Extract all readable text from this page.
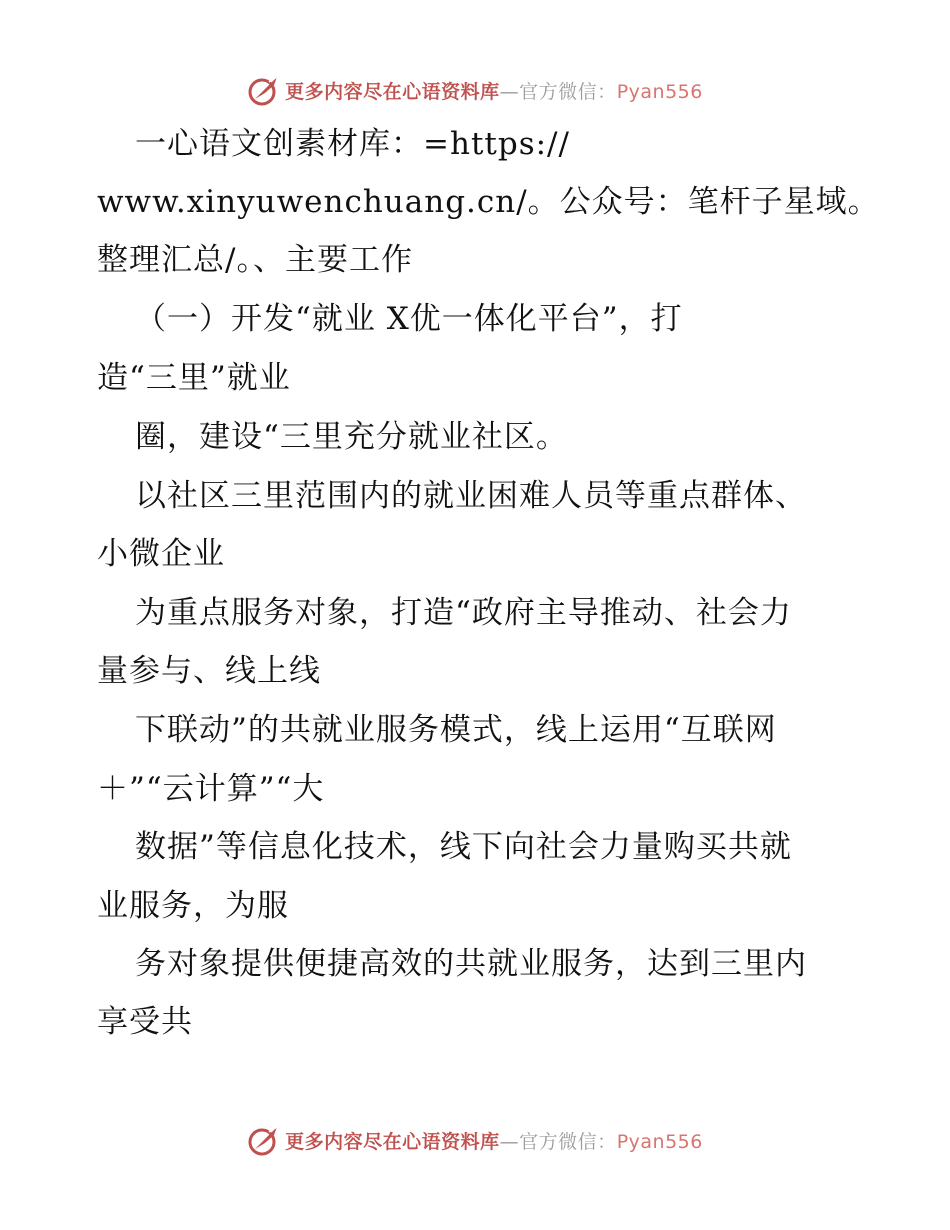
更多内容尽在心语资料库—官方微信：Pyan556
一心语文创素材库：=https://
www.xinyuwenchuang.cn/。公众号：笔杆子星域。
整理汇总/。、主要工作
（一）开发“就业 X优一体化平台”，打
造“三里”就业
圈，建设“三里充分就业社区。
以社区三里范围内的就业困难人员等重点群体、
小微企业
为重点服务对象，打造“政府主导推动、社会力
量参与、线上线
下联动”的共就业服务模式，线上运用“互联网
＋”“云计算”“大
数据”等信息化技术，线下向社会力量购买共就
业服务，为服
务对象提供便捷高效的共就业服务，达到三里内
享受共
更多内容尽在心语资料库—官方微信：Pyan556
